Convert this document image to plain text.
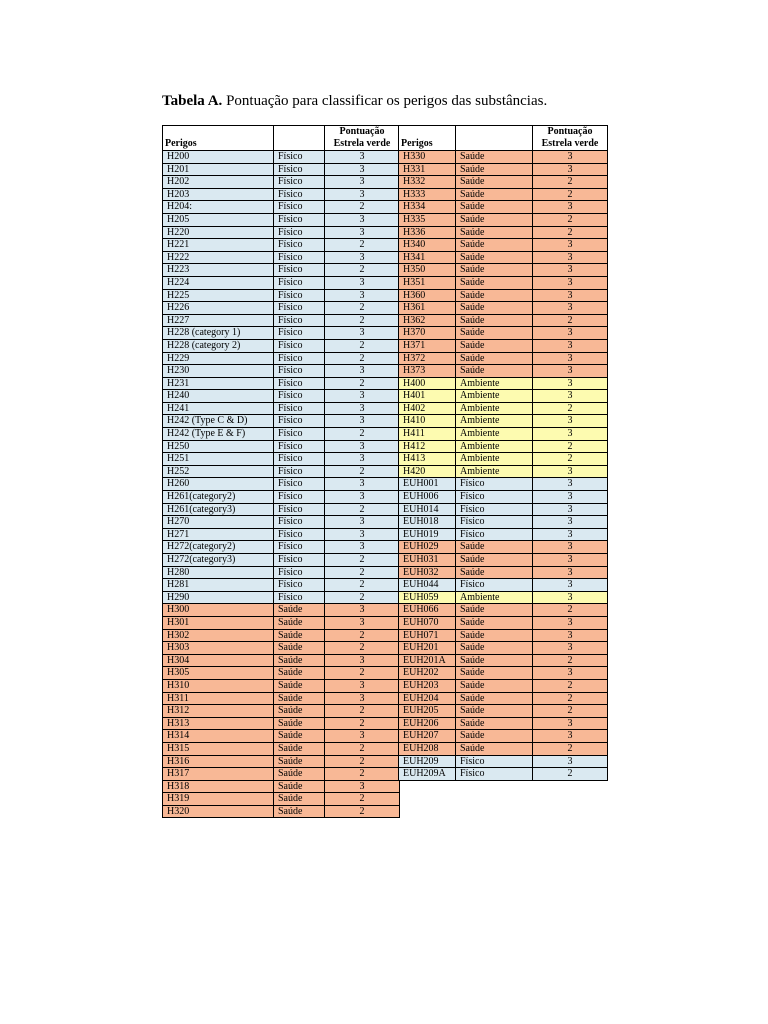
Tabela A. Pontuação para classificar os perigos das substâncias.
Perigos		Pontuação
Estrela verde
H200	Físico	3
H201	Físico	3
H202	Físico	3
H203	Físico	3
H204:	Físico	2
H205	Físico	3
H220	Físico	3
H221	Físico	2
H222	Físico	3
H223	Físico	2
H224	Físico	3
H225	Físico	3
H226	Físico	2
H227	Físico	2
H228 (category 1)	Físico	3
H228 (category 2)	Físico	2
H229	Físico	2
H230	Físico	3
H231	Físico	2
H240	Físico	3
H241	Físico	3
H242 (Type C & D)	Físico	3
H242 (Type E & F)	Físico	2
H250	Físico	3
H251	Físico	3
H252	Físico	2
H260	Físico	3
H261(category2)	Físico	3
H261(category3)	Físico	2
H270	Físico	3
H271	Físico	3
H272(category2)	Físico	3
H272(category3)	Físico	2
H280	Físico	2
H281	Físico	2
H290	Físico	2
H300	Saúde	3
H301	Saúde	3
H302	Saúde	2
H303	Saúde	2
H304	Saúde	3
H305	Saúde	2
H310	Saúde	3
H311	Saúde	3
H312	Saúde	2
H313	Saúde	2
H314	Saúde	3
H315	Saúde	2
H316	Saúde	2
H317	Saúde	2
H318	Saúde	3
H319	Saúde	2
H320	Saúde	2
Perigos		Pontuação
Estrela verde
H330	Saúde	3
H331	Saúde	3
H332	Saúde	2
H333	Saúde	2
H334	Saúde	3
H335	Saúde	2
H336	Saúde	2
H340	Saúde	3
H341	Saúde	3
H350	Saúde	3
H351	Saúde	3
H360	Saúde	3
H361	Saúde	3
H362	Saúde	2
H370	Saúde	3
H371	Saúde	3
H372	Saúde	3
H373	Saúde	3
H400	Ambiente	3
H401	Ambiente	3
H402	Ambiente	2
H410	Ambiente	3
H411	Ambiente	3
H412	Ambiente	2
H413	Ambiente	2
H420	Ambiente	3
EUH001	Físico	3
EUH006	Físico	3
EUH014	Físico	3
EUH018	Físico	3
EUH019	Físico	3
EUH029	Saúde	3
EUH031	Saúde	3
EUH032	Saúde	3
EUH044	Físico	3
EUH059	Ambiente	3
EUH066	Saúde	2
EUH070	Saúde	3
EUH071	Saúde	3
EUH201	Saúde	3
EUH201A	Saúde	2
EUH202	Saúde	3
EUH203	Saúde	2
EUH204	Saúde	2
EUH205	Saúde	2
EUH206	Saúde	3
EUH207	Saúde	3
EUH208	Saúde	2
EUH209	Físico	3
EUH209A	Físico	2
